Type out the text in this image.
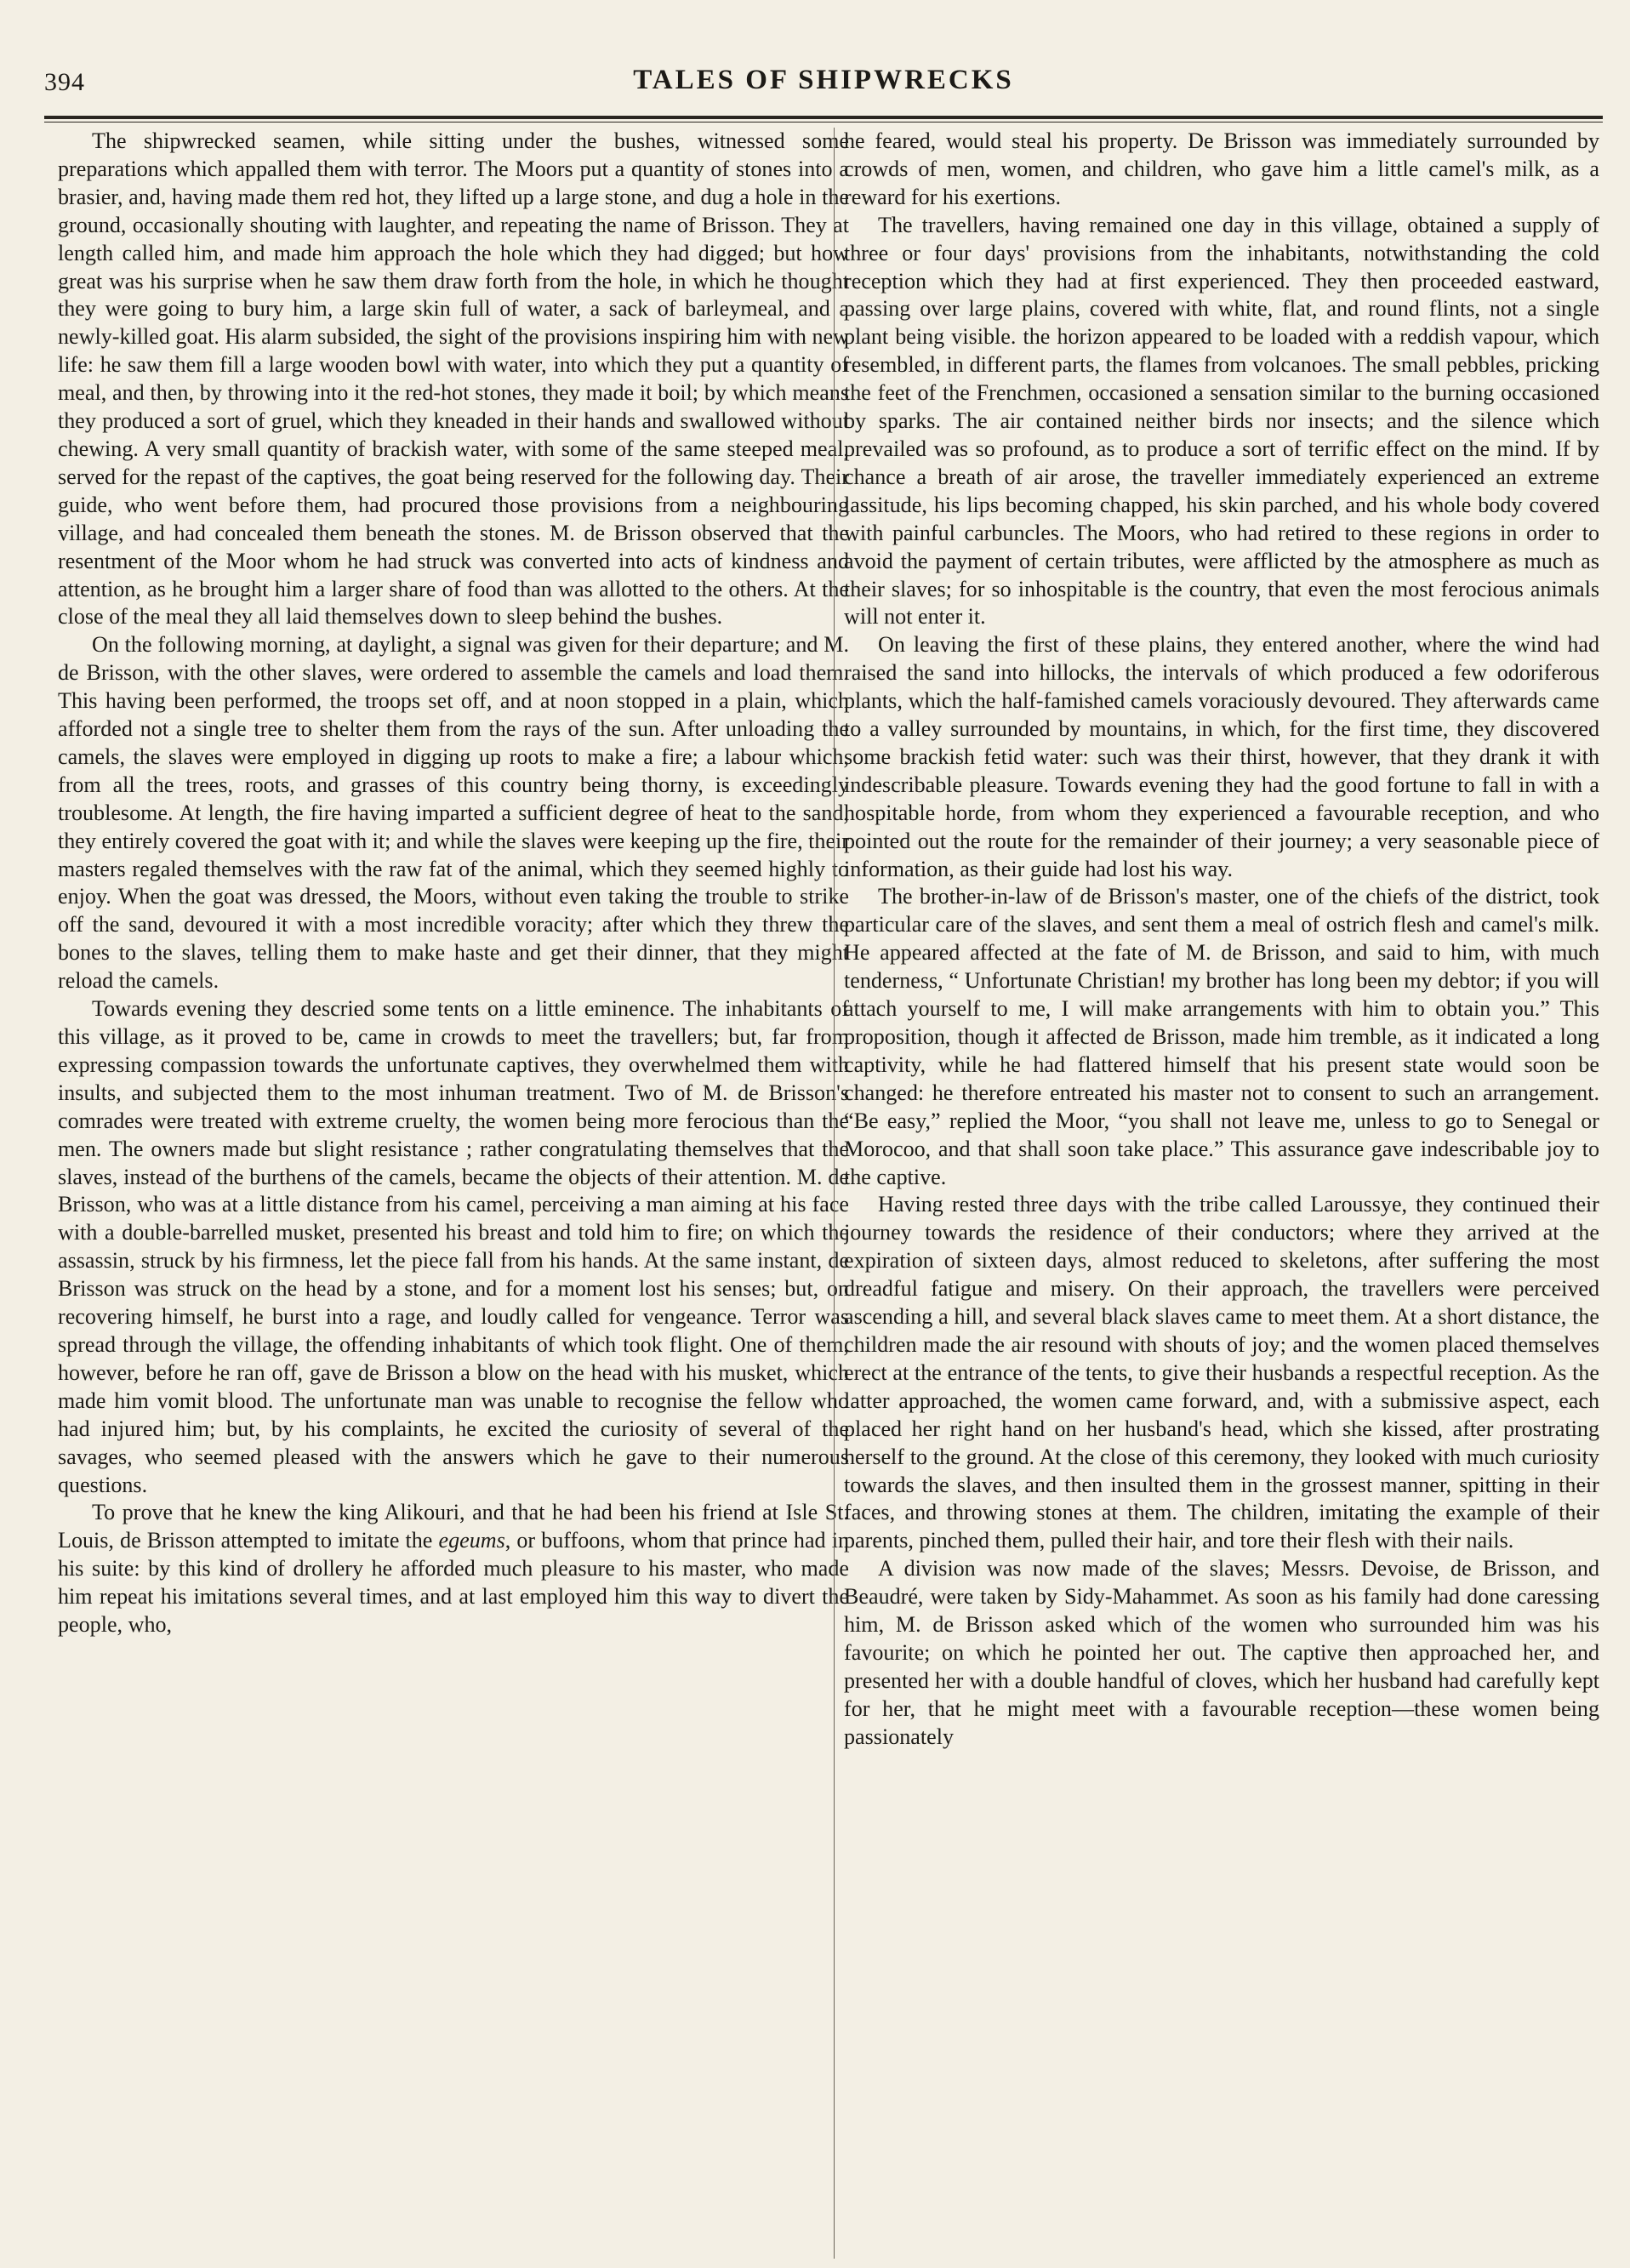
394	TALES OF SHIPWRECKS

The shipwrecked seamen, while sitting under the bushes, witnessed some preparations which appalled them with terror. The Moors put a quantity of stones into a brasier, and, having made them red hot, they lifted up a large stone, and dug a hole in the ground, occasionally shouting with laughter, and repeating the name of Brisson. They at length called him, and made him approach the hole which they had digged; but how great was his surprise when he saw them draw forth from the hole, in which he thought they were going to bury him, a large skin full of water, a sack of barleymeal, and a newly-killed goat. His alarm subsided, the sight of the provisions inspiring him with new life: he saw them fill a large wooden bowl with water, into which they put a quantity of meal, and then, by throwing into it the red-hot stones, they made it boil; by which means they produced a sort of gruel, which they kneaded in their hands and swallowed without chewing. A very small quantity of brackish water, with some of the same steeped meal, served for the repast of the captives, the goat being reserved for the following day. Their guide, who went before them, had procured those provisions from a neighbouring village, and had concealed them beneath the stones. M. de Brisson observed that the resentment of the Moor whom he had struck was converted into acts of kindness and attention, as he brought him a larger share of food than was allotted to the others. At the close of the meal they all laid themselves down to sleep behind the bushes.

On the following morning, at daylight, a signal was given for their departure; and M. de Brisson, with the other slaves, were ordered to assemble the camels and load them. This having been performed, the troops set off, and at noon stopped in a plain, which afforded not a single tree to shelter them from the rays of the sun. After unloading the camels, the slaves were employed in digging up roots to make a fire; a labour which, from all the trees, roots, and grasses of this country being thorny, is exceedingly troublesome. At length, the fire having imparted a sufficient degree of heat to the sand, they entirely covered the goat with it; and while the slaves were keeping up the fire, their masters regaled themselves with the raw fat of the animal, which they seemed highly to enjoy. When the goat was dressed, the Moors, without even taking the trouble to strike off the sand, devoured it with a most incredible voracity; after which they threw the bones to the slaves, telling them to make haste and get their dinner, that they might reload the camels.

Towards evening they descried some tents on a little eminence. The inhabitants of this village, as it proved to be, came in crowds to meet the travellers; but, far from expressing compassion towards the unfortunate captives, they overwhelmed them with insults, and subjected them to the most inhuman treatment. Two of M. de Brisson's comrades were treated with extreme cruelty, the women being more ferocious than the men. The owners made but slight resistance ; rather congratulating themselves that the slaves, instead of the burthens of the camels, became the objects of their attention. M. de Brisson, who was at a little distance from his camel, perceiving a man aiming at his face with a double-barrelled musket, presented his breast and told him to fire; on which the assassin, struck by his firmness, let the piece fall from his hands. At the same instant, de Brisson was struck on the head by a stone, and for a moment lost his senses; but, on recovering himself, he burst into a rage, and loudly called for vengeance. Terror was spread through the village, the offending inhabitants of which took flight. One of them, however, before he ran off, gave de Brisson a blow on the head with his musket, which made him vomit blood. The unfortunate man was unable to recognise the fellow who had injured him; but, by his complaints, he excited the curiosity of several of the savages, who seemed pleased with the answers which he gave to their numerous questions.

To prove that he knew the king Alikouri, and that he had been his friend at Isle St. Louis, de Brisson attempted to imitate the egeums, or buffoons, whom that prince had in his suite: by this kind of drollery he afforded much pleasure to his master, who made him repeat his imitations several times, and at last employed him this way to divert the people, who,

he feared, would steal his property. De Brisson was immediately surrounded by crowds of men, women, and children, who gave him a little camel's milk, as a reward for his exertions.

The travellers, having remained one day in this village, obtained a supply of three or four days' provisions from the inhabitants, notwithstanding the cold reception which they had at first experienced. They then proceeded eastward, passing over large plains, covered with white, flat, and round flints, not a single plant being visible. the horizon appeared to be loaded with a reddish vapour, which resembled, in different parts, the flames from volcanoes. The small pebbles, pricking the feet of the Frenchmen, occasioned a sensation similar to the burning occasioned by sparks. The air contained neither birds nor insects; and the silence which prevailed was so profound, as to produce a sort of terrific effect on the mind. If by chance a breath of air arose, the traveller immediately experienced an extreme lassitude, his lips becoming chapped, his skin parched, and his whole body covered with painful carbuncles. The Moors, who had retired to these regions in order to avoid the payment of certain tributes, were afflicted by the atmosphere as much as their slaves; for so inhospitable is the country, that even the most ferocious animals will not enter it.

On leaving the first of these plains, they entered another, where the wind had raised the sand into hillocks, the intervals of which produced a few odoriferous plants, which the half-famished camels voraciously devoured. They afterwards came to a valley surrounded by mountains, in which, for the first time, they discovered some brackish fetid water: such was their thirst, however, that they drank it with indescribable pleasure. Towards evening they had the good fortune to fall in with a hospitable horde, from whom they experienced a favourable reception, and who pointed out the route for the remainder of their journey; a very seasonable piece of information, as their guide had lost his way.

The brother-in-law of de Brisson's master, one of the chiefs of the district, took particular care of the slaves, and sent them a meal of ostrich flesh and camel's milk. He appeared affected at the fate of M. de Brisson, and said to him, with much tenderness, “ Unfortunate Christian! my brother has long been my debtor; if you will attach yourself to me, I will make arrangements with him to obtain you.” This proposition, though it affected de Brisson, made him tremble, as it indicated a long captivity, while he had flattered himself that his present state would soon be changed: he therefore entreated his master not to consent to such an arrangement. “Be easy,” replied the Moor, “you shall not leave me, unless to go to Senegal or Morocoo, and that shall soon take place.” This assurance gave indescribable joy to the captive.

Having rested three days with the tribe called Laroussye, they continued their journey towards the residence of their conductors; where they arrived at the expiration of sixteen days, almost reduced to skeletons, after suffering the most dreadful fatigue and misery. On their approach, the travellers were perceived ascending a hill, and several black slaves came to meet them. At a short distance, the children made the air resound with shouts of joy; and the women placed themselves erect at the entrance of the tents, to give their husbands a respectful reception. As the latter approached, the women came forward, and, with a submissive aspect, each placed her right hand on her husband's head, which she kissed, after prostrating herself to the ground. At the close of this ceremony, they looked with much curiosity towards the slaves, and then insulted them in the grossest manner, spitting in their faces, and throwing stones at them. The children, imitating the example of their parents, pinched them, pulled their hair, and tore their flesh with their nails.

A division was now made of the slaves; Messrs. Devoise, de Brisson, and Beaudré, were taken by Sidy-Mahammet. As soon as his family had done caressing him, M. de Brisson asked which of the women who surrounded him was his favourite; on which he pointed her out. The captive then approached her, and presented her with a double handful of cloves, which her husband had carefully kept for her, that he might meet with a favourable reception—these women being passionately
